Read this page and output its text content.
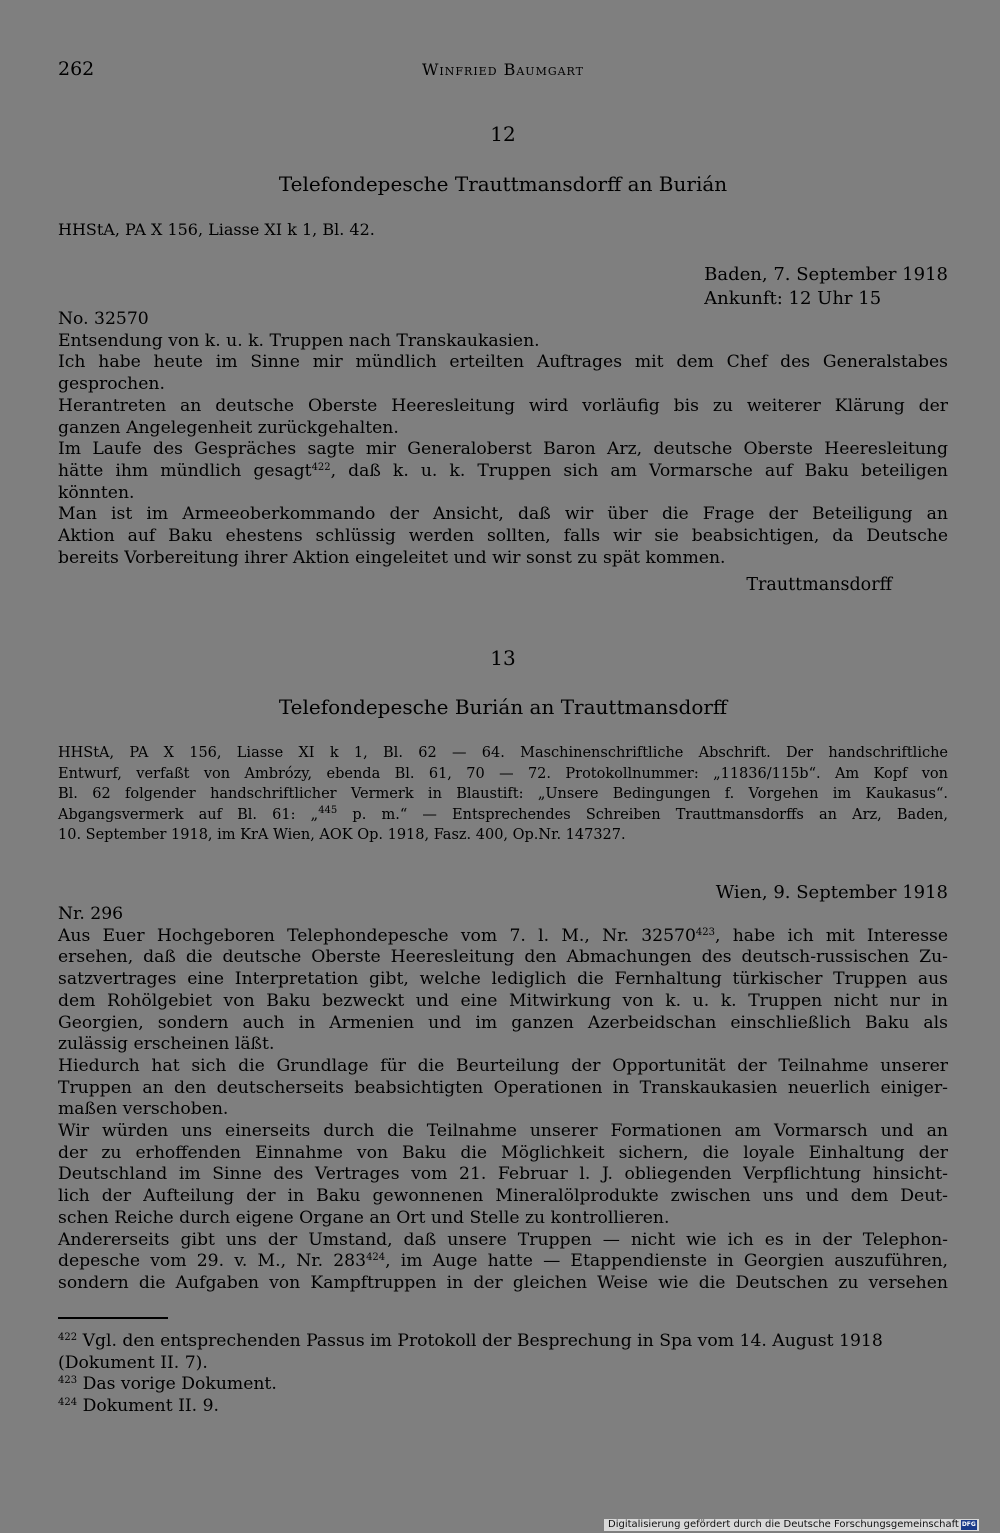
262	Winfried Baumgart
12
Telefondepesche Trauttmansdorff an Burián
HHStA, PA X 156, Liasse XI k 1, Bl. 42.
Baden, 7. September 1918
Ankunft: 12 Uhr 15
No. 32570
Entsendung von k. u. k. Truppen nach Transkaukasien.
Ich habe heute im Sinne mir mündlich erteilten Auftrages mit dem Chef des Generalstabes
gesprochen.
Herantreten an deutsche Oberste Heeresleitung wird vorläufig bis zu weiterer Klärung der
ganzen Angelegenheit zurückgehalten.
Im Laufe des Gespräches sagte mir Generaloberst Baron Arz, deutsche Oberste Heeresleitung
hätte ihm mündlich gesagt$^{422}$, daß k. u. k. Truppen sich am Vormarsche auf Baku beteiligen
könnten.
Man ist im Armeeoberkommando der Ansicht, daß wir über die Frage der Beteiligung an
Aktion auf Baku ehestens schlüssig werden sollten, falls wir sie beabsichtigen, da Deutsche
bereits Vorbereitung ihrer Aktion eingeleitet und wir sonst zu spät kommen.
Trauttmansdorff
13
Telefondepesche Burián an Trauttmansdorff
HHStA, PA X 156, Liasse XI k 1, Bl. 62 — 64. Maschinenschriftliche Abschrift. Der handschriftliche
Entwurf, verfaßt von Ambrózy, ebenda Bl. 61, 70 — 72. Protokollnummer: „11836/115b“. Am Kopf von
Bl. 62 folgender handschriftlicher Vermerk in Blaustift: „Unsere Bedingungen f. Vorgehen im Kaukasus“.
Abgangsvermerk auf Bl. 61: „$^{445}$ p. m.“ — Entsprechendes Schreiben Trauttmansdorffs an Arz, Baden,
10. September 1918, im KrA Wien, AOK Op. 1918, Fasz. 400, Op.Nr. 147327.
Wien, 9. September 1918
Nr. 296
Aus Euer Hochgeboren Telephondepesche vom 7. l. M., Nr. 32570$^{423}$, habe ich mit Interesse
ersehen, daß die deutsche Oberste Heeresleitung den Abmachungen des deutsch-russischen Zu-
satzvertrages eine Interpretation gibt, welche lediglich die Fernhaltung türkischer Truppen aus
dem Rohölgebiet von Baku bezweckt und eine Mitwirkung von k. u. k. Truppen nicht nur in
Georgien, sondern auch in Armenien und im ganzen Azerbeidschan einschließlich Baku als
zulässig erscheinen läßt.
Hiedurch hat sich die Grundlage für die Beurteilung der Opportunität der Teilnahme unserer
Truppen an den deutscherseits beabsichtigten Operationen in Transkaukasien neuerlich einiger-
maßen verschoben.
Wir würden uns einerseits durch die Teilnahme unserer Formationen am Vormarsch und an
der zu erhoffenden Einnahme von Baku die Möglichkeit sichern, die loyale Einhaltung der
Deutschland im Sinne des Vertrages vom 21. Februar l. J. obliegenden Verpflichtung hinsicht-
lich der Aufteilung der in Baku gewonnenen Mineralölprodukte zwischen uns und dem Deut-
schen Reiche durch eigene Organe an Ort und Stelle zu kontrollieren.
Andererseits gibt uns der Umstand, daß unsere Truppen — nicht wie ich es in der Telephon-
depesche vom 29. v. M., Nr. $283^{424}$, im Auge hatte — Etappendienste in Georgien auszuführen,
sondern die Aufgaben von Kampftruppen in der gleichen Weise wie die Deutschen zu versehen
$^{422}$ Vgl. den entsprechenden Passus im Protokoll der Besprechung in Spa vom 14. August 1918
(Dokument II. 7).
$^{423}$ Das vorige Dokument.
$^{424}$ Dokument II. 9.
Digitalisierung gefördert durch die Deutsche Forschungsgemeinschaft DFG
